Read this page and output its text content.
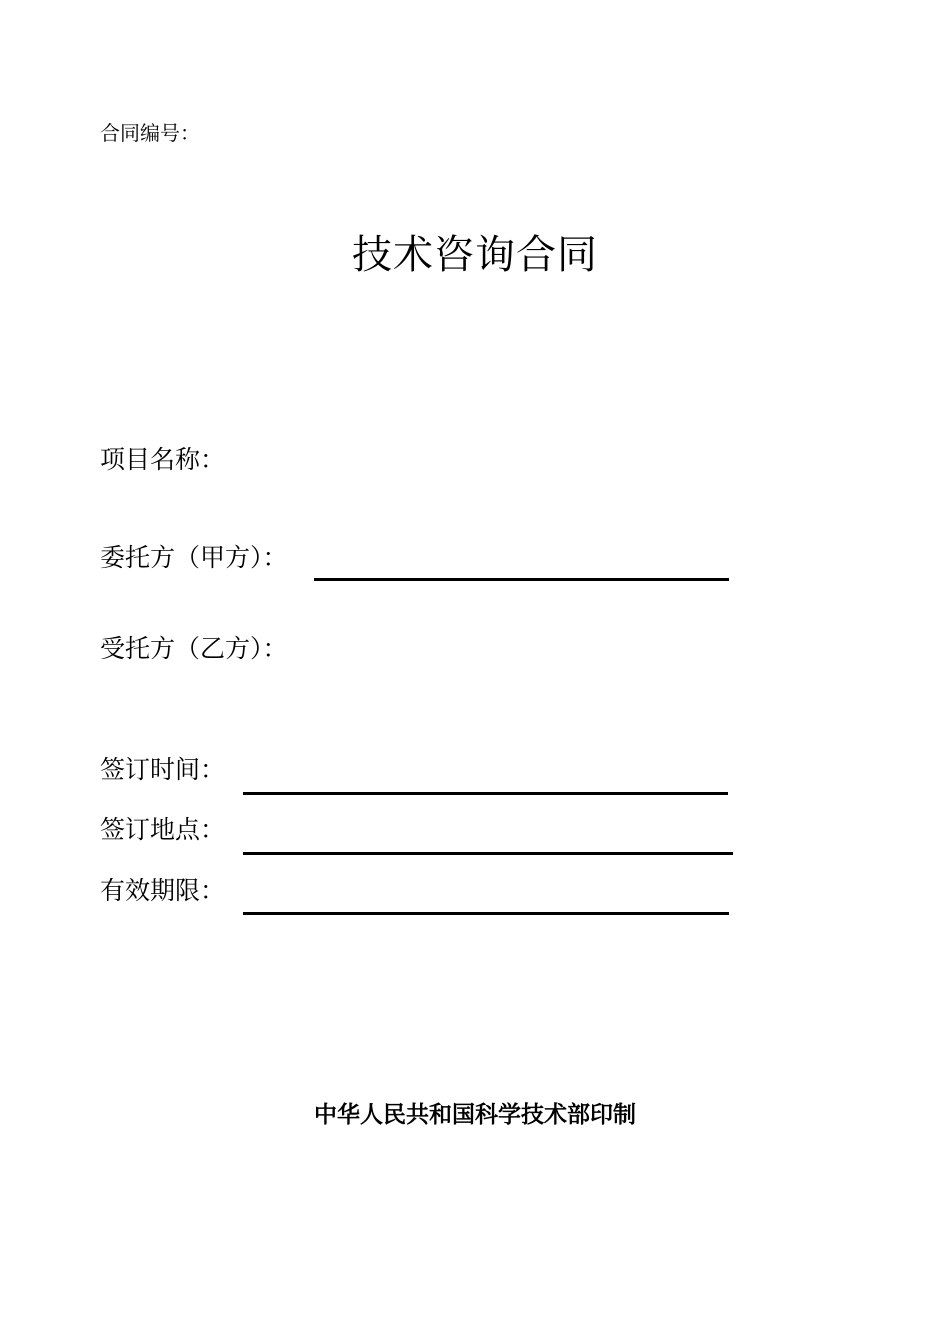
合同编号：
技术咨询合同
项目名称：
委托方（甲方）：
受托方（乙方）：
签订时间：
签订地点：
有效期限：
中华人民共和国科学技术部印制
